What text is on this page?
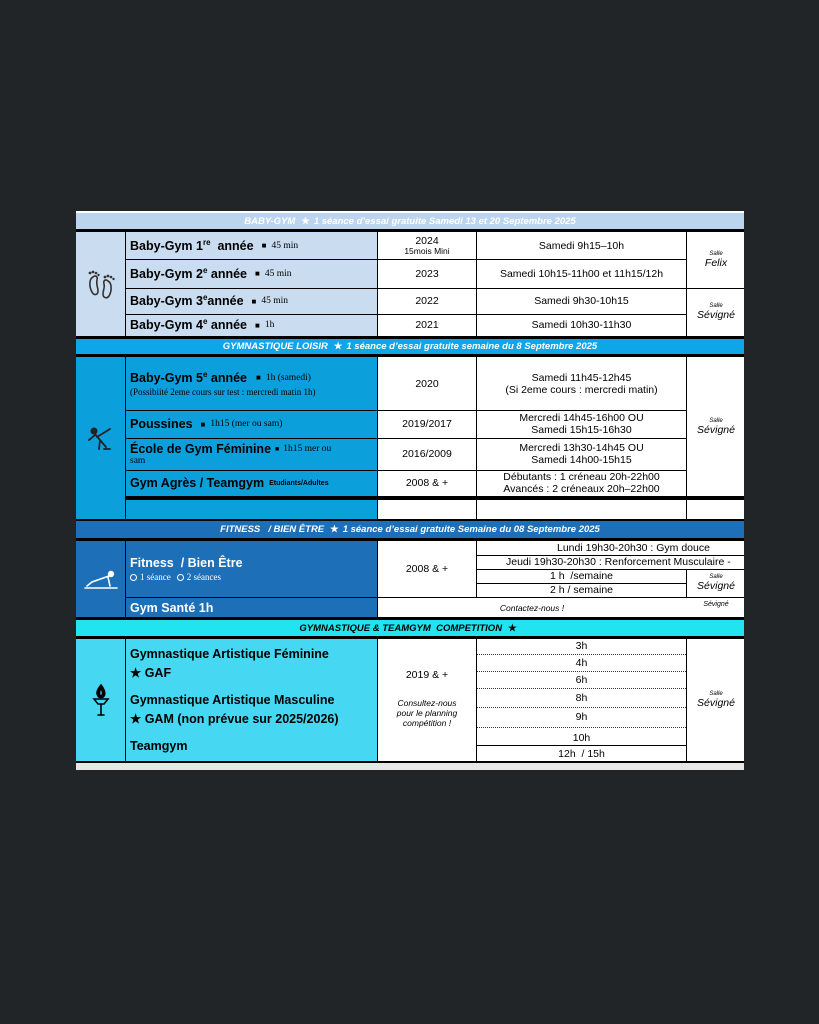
BABY-GYM ★ 1 séance d’essai gratuite Samedi 13 et 20 Septembre 2025
Baby-Gym 1re  année ■ 45 min
Baby-Gym 2e année ■ 45 min
Baby-Gym 3eannée ■ 45 min
Baby-Gym 4e année ■ 1h
2024
15mois Mini
2023
2022
2021
Samedi 9h15–10h
Samedi 10h15-11h00 et 11h15/12h
Samedi 9h30-10h15
Samedi 10h30-11h30
Salle
Felix
Salle
Sévigné
GYMNASTIQUE LOISIR ★ 1 séance d’essai gratuite semaine du 8 Septembre 2025
Baby-Gym 5e année ■ 1h (samedi)
(Possibiité 2eme cours sur test : mercredi matin 1h)
Poussines ■ 1h15 (mer ou sam)
École de Gym Féminine ■ 1h15 mer ou
sam
Gym Agrès / Teamgym Etudiants/Adultes
2020
2019/2017
2016/2009
2008 & +
Samedi 11h45-12h45
(Si 2eme cours : mercredi matin)
Mercredi 14h45-16h00 OU
Samedi 15h15-16h30
Mercredi 13h30-14h45 OU
Samedi 14h00-15h15
Débutants : 1 créneau 20h-22h00
Avancés : 2 créneaux 20h–22h00
Salle
Sévigné
FITNESS   / BIEN ÊTRE ★ 1 séance d’essai gratuite Semaine du 08 Septembre 2025
Fitness  / Bien Être
1 séance 2 séances
Gym Santé 1h
2008 & +
Lundi 19h30-20h30 : Gym douce
Jeudi 19h30-20h30 : Renforcement Musculaire -
1 h  /semaine
2 h / semaine
Salle
Sévigné
Contactez-nous !	Sévigné
GYMNASTIQUE & TEAMGYM  COMPETITION ★
Gymnastique Artistique Féminine
★ GAF
Gymnastique Artistique Masculine
★ GAM (non prévue sur 2025/2026)
Teamgym
2019 & +
Consultez-nous
pour le planning
compétition !
3h
4h
6h
8h
9h
10h
12h  / 15h
Salle
Sévigné
